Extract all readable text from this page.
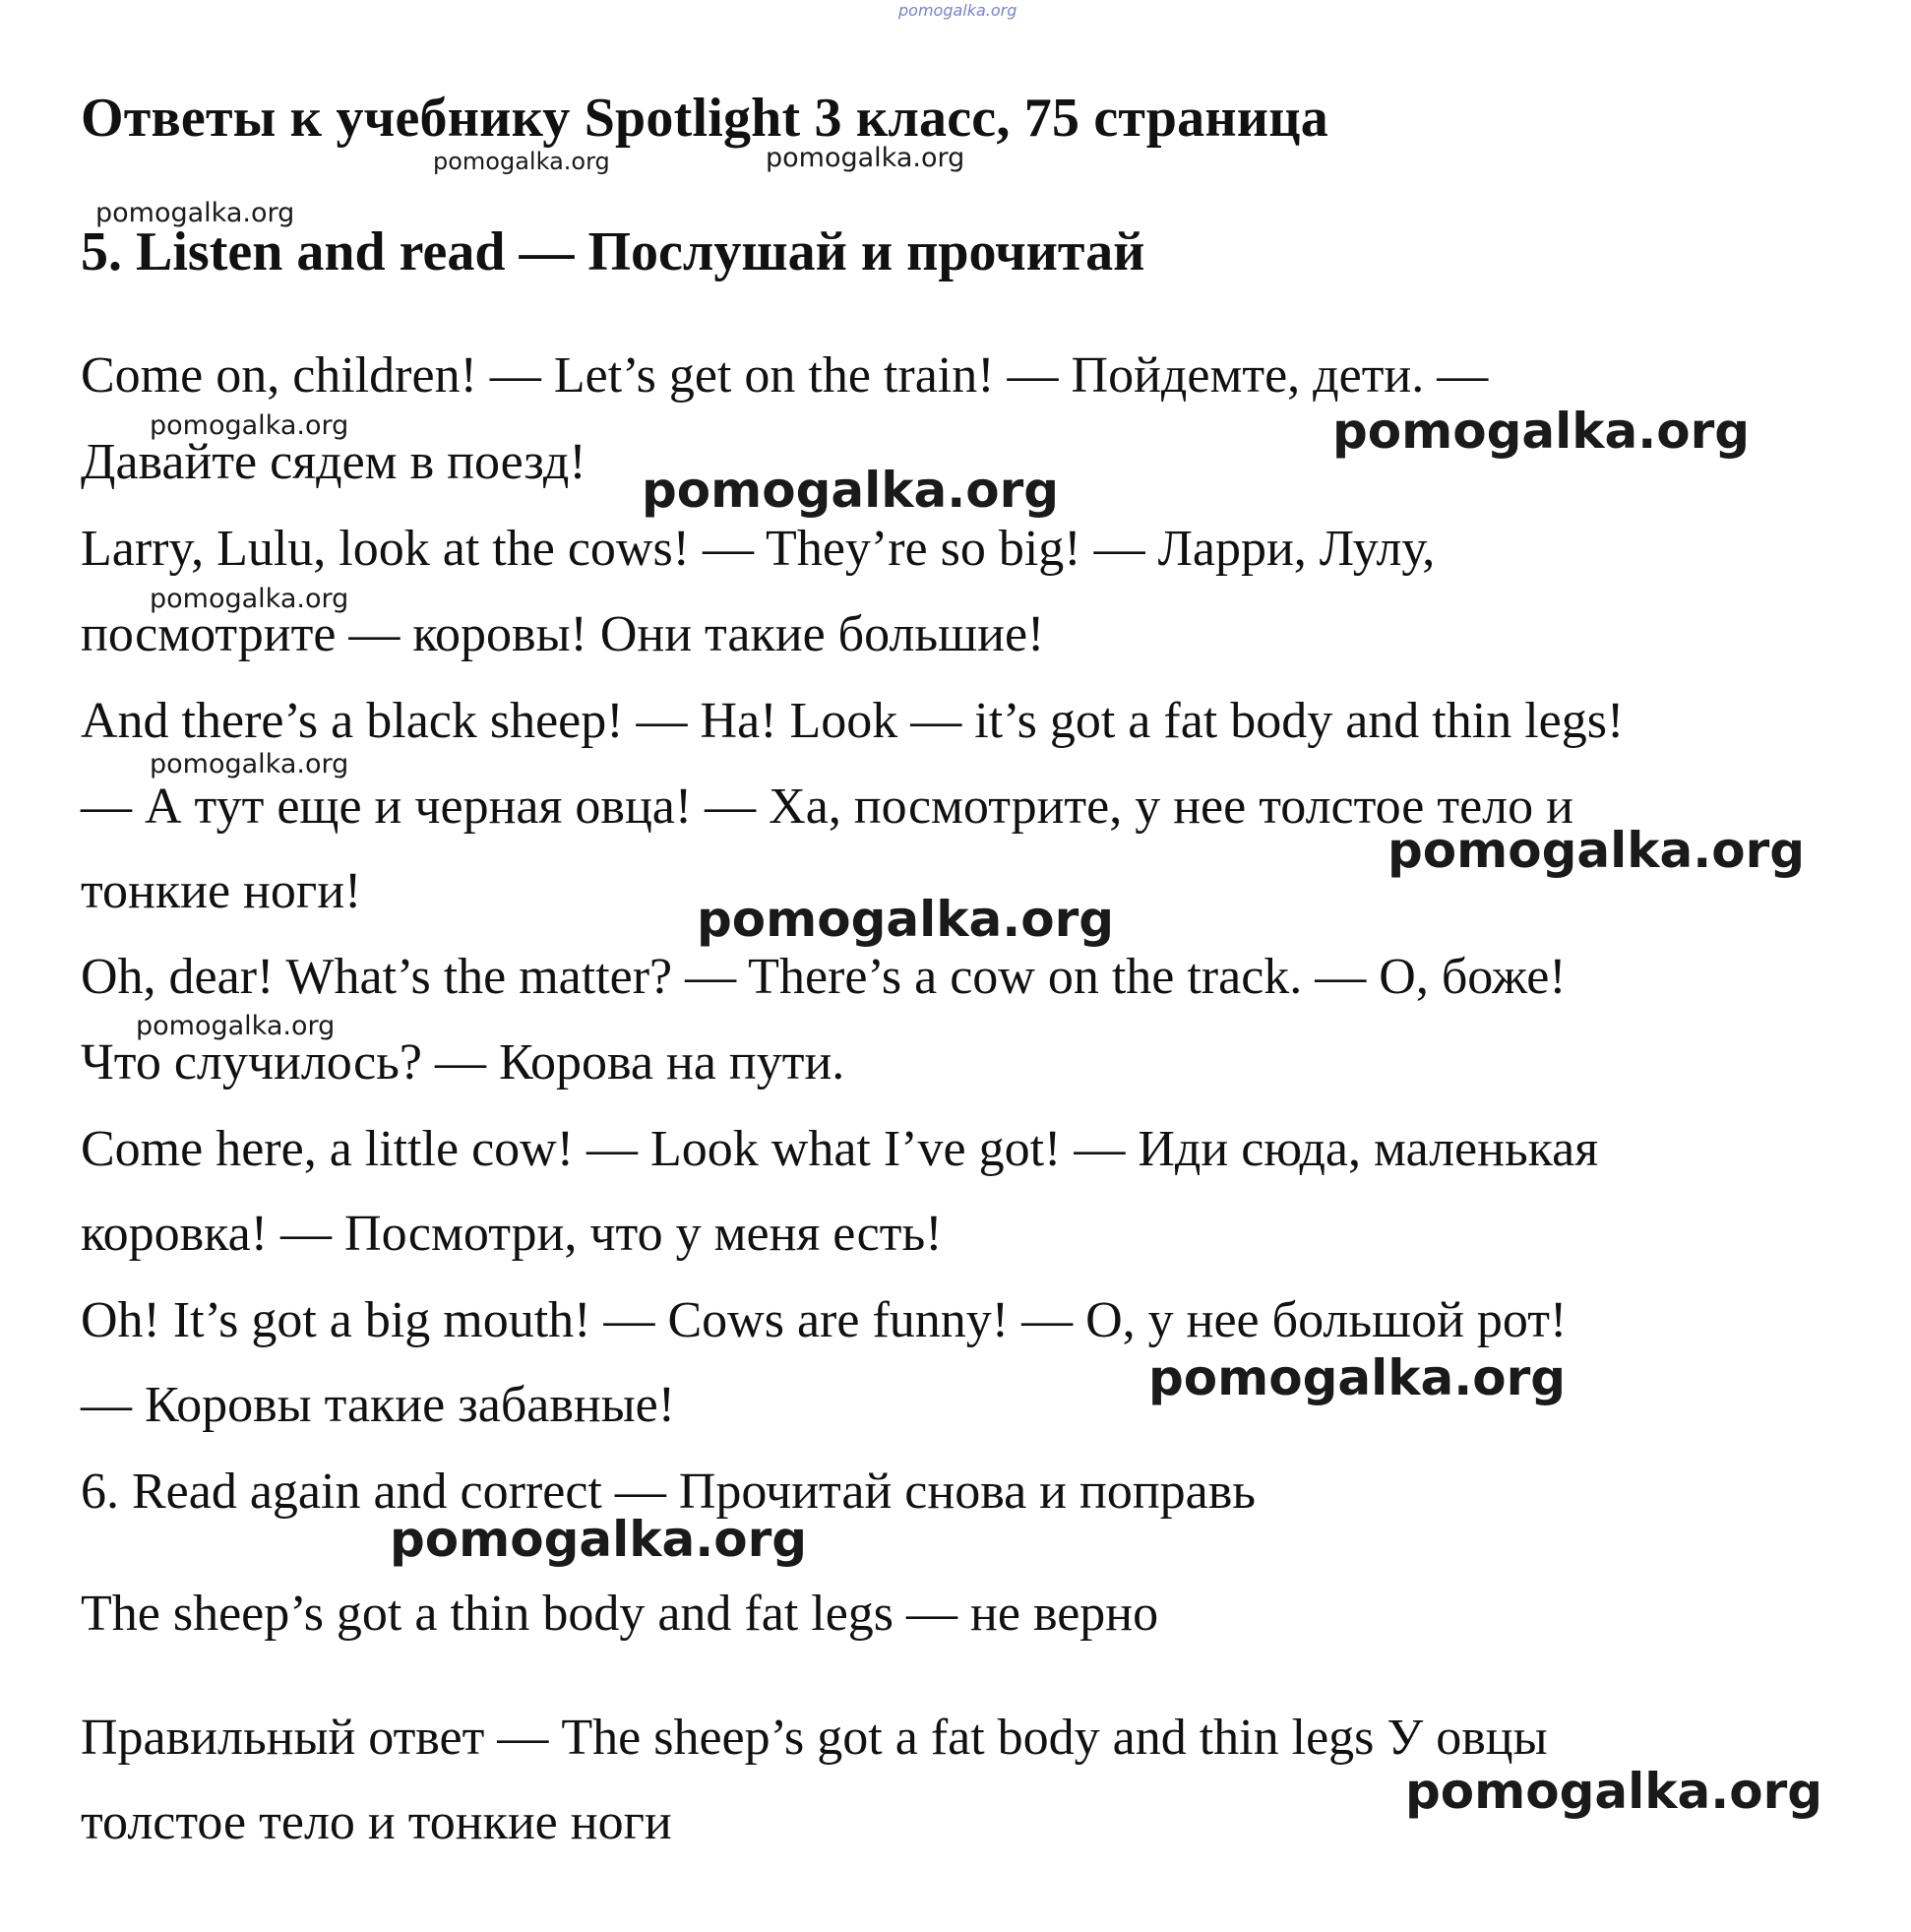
pomogalka.org
Ответы к учебнику Spotlight 3 класс, 75 страница
pomogalka.org	pomogalka.org
pomogalka.org
5. Listen and read — Послушай и прочитай
Come on, children! — Let’s get on the train! — Пойдемте, дети. —
pomogalka.org	pomogalka.org
Давайте сядем в поезд! pomogalka.org
Larry, Lulu, look at the cows! — They’re so big! — Ларри, Лулу,
pomogalka.org
посмотрите — коровы! Они такие большие!
And there’s a black sheep! — Ha! Look — it’s got a fat body and thin legs!
pomogalka.org
— А тут еще и черная овца! — Ха, посмотрите, у нее толстое тело и
pomogalka.org
тонкие ноги!	pomogalka.org
Oh, dear! What’s the matter? — There’s a cow on the track. — О, боже!
pomogalka.org
Что случилось? — Корова на пути.
Come here, a little cow! — Look what I’ve got! — Иди сюда, маленькая
коровка! — Посмотри, что у меня есть!
Oh! It’s got a big mouth! — Cows are funny! — О, у нее большой рот!
pomogalka.org
— Коровы такие забавные!
6. Read again and correct — Прочитай снова и поправь
pomogalka.org
The sheep’s got a thin body and fat legs — не верно
Правильный ответ — The sheep’s got a fat body and thin legs У овцы
pomogalka.org
толстое тело и тонкие ноги
